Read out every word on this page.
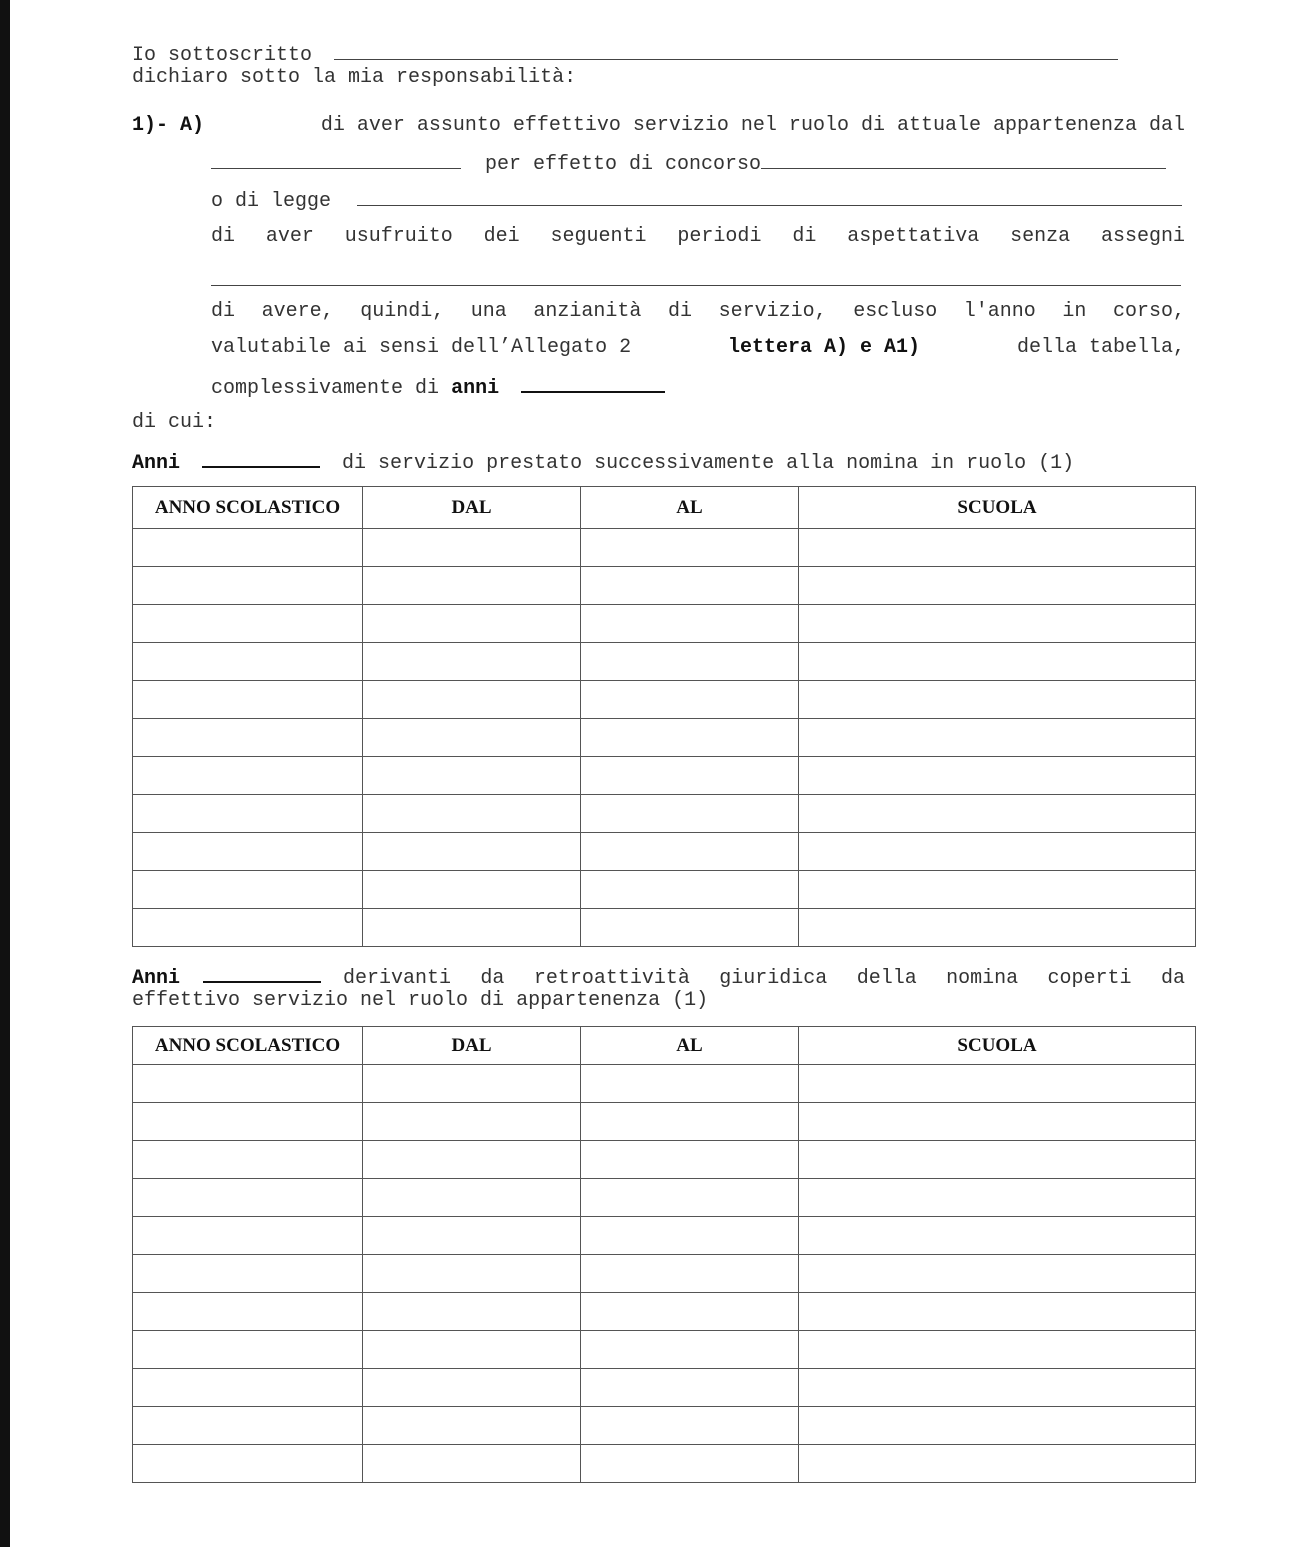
Io sottoscritto
dichiaro sotto la mia responsabilità:
1)- A)	di aver assunto effettivo servizio nel ruolo di attuale appartenenza dal
per effetto di concorso
o di legge
di aver usufruito dei seguenti periodi di aspettativa senza assegni
di avere, quindi, una anzianità di servizio, escluso l'anno in corso,
valutabile ai sensi dell’Allegato 2	lettera A) e A1)	della tabella,
complessivamente di anni
di cui:
Anni	di servizio prestato successivamente alla nomina in ruolo (1)
ANNO SCOLASTICO	DAL	AL	SCUOLA

Anni	derivanti da retroattività giuridica della nomina coperti da
effettivo servizio nel ruolo di appartenenza (1)
ANNO SCOLASTICO	DAL	AL	SCUOLA
